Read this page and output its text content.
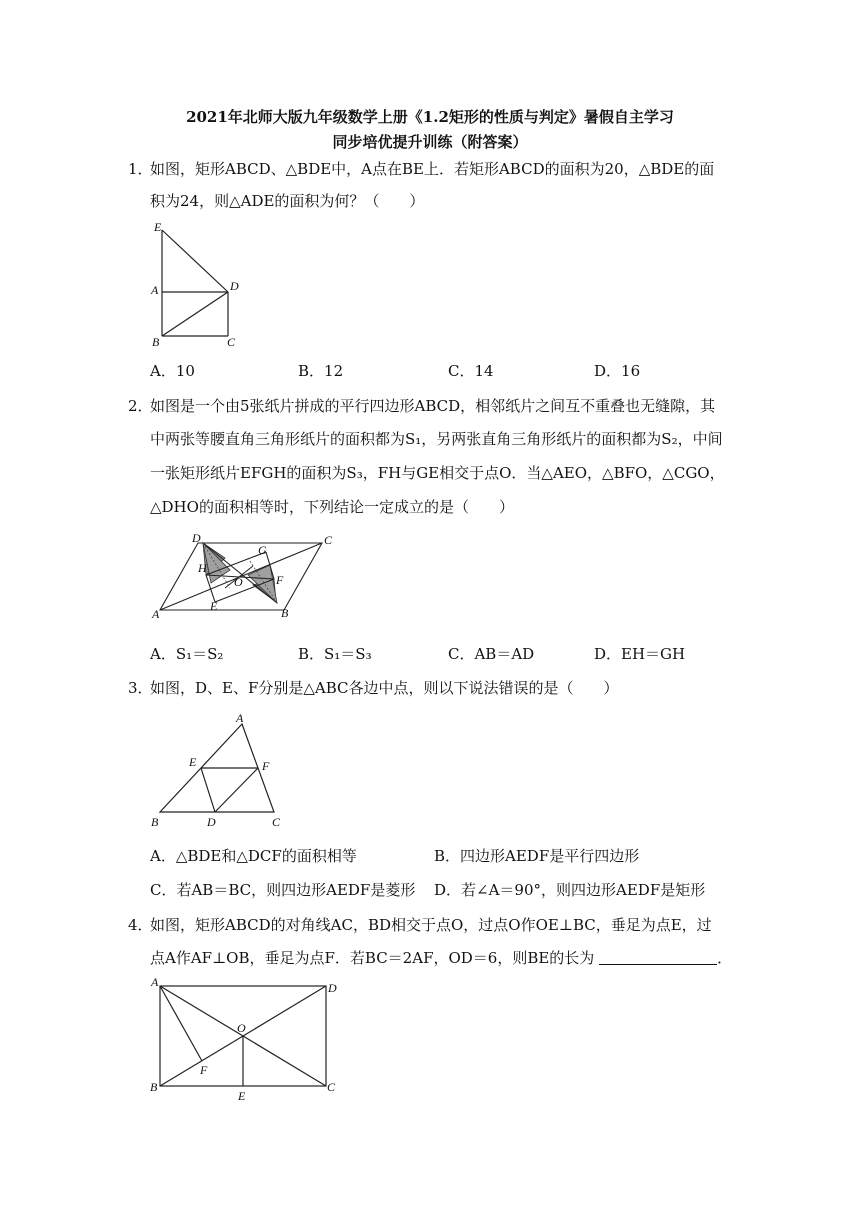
2021年北师大版九年级数学上册《1.2矩形的性质与判定》暑假自主学习
同步培优提升训练（附答案）
1．
如图，矩形ABCD、△BDE中，A点在BE上．若矩形ABCD的面积为20，△BDE的面
积为24，则△ADE的面积为何？（　　）
E
A	D
B	C
A．10	B．12	C．14	D．16
2．
如图是一个由5张纸片拼成的平行四边形ABCD，相邻纸片之间互不重叠也无缝隙，其
中两张等腰直角三角形纸片的面积都为S₁，另两张直角三角形纸片的面积都为S₂，中间
一张矩形纸片EFGH的面积为S₃，FH与GE相交于点O．当△AEO，△BFO，△CGO，
△DHO的面积相等时，下列结论一定成立的是（　　）
D
G
C
H
O	F
A
E	B
A．S₁＝S₂	B．S₁＝S₃	C．AB＝AD	D．EH＝GH
3．
如图，D、E、F分别是△ABC各边中点，则以下说法错误的是（　　）
A
E	F
B	D	C
A．△BDE和△DCF的面积相等	B．四边形AEDF是平行四边形
C．若AB＝BC，则四边形AEDF是菱形 D．若∠A＝90°，则四边形AEDF是矩形
4．
如图，矩形ABCD的对角线AC，BD相交于点O，过点O作OE⊥BC，垂足为点E，过
点A作AF⊥OB，垂足为点F．若BC＝2AF，OD＝6，则BE的长为	．
A	D
O
F
B	C
E
